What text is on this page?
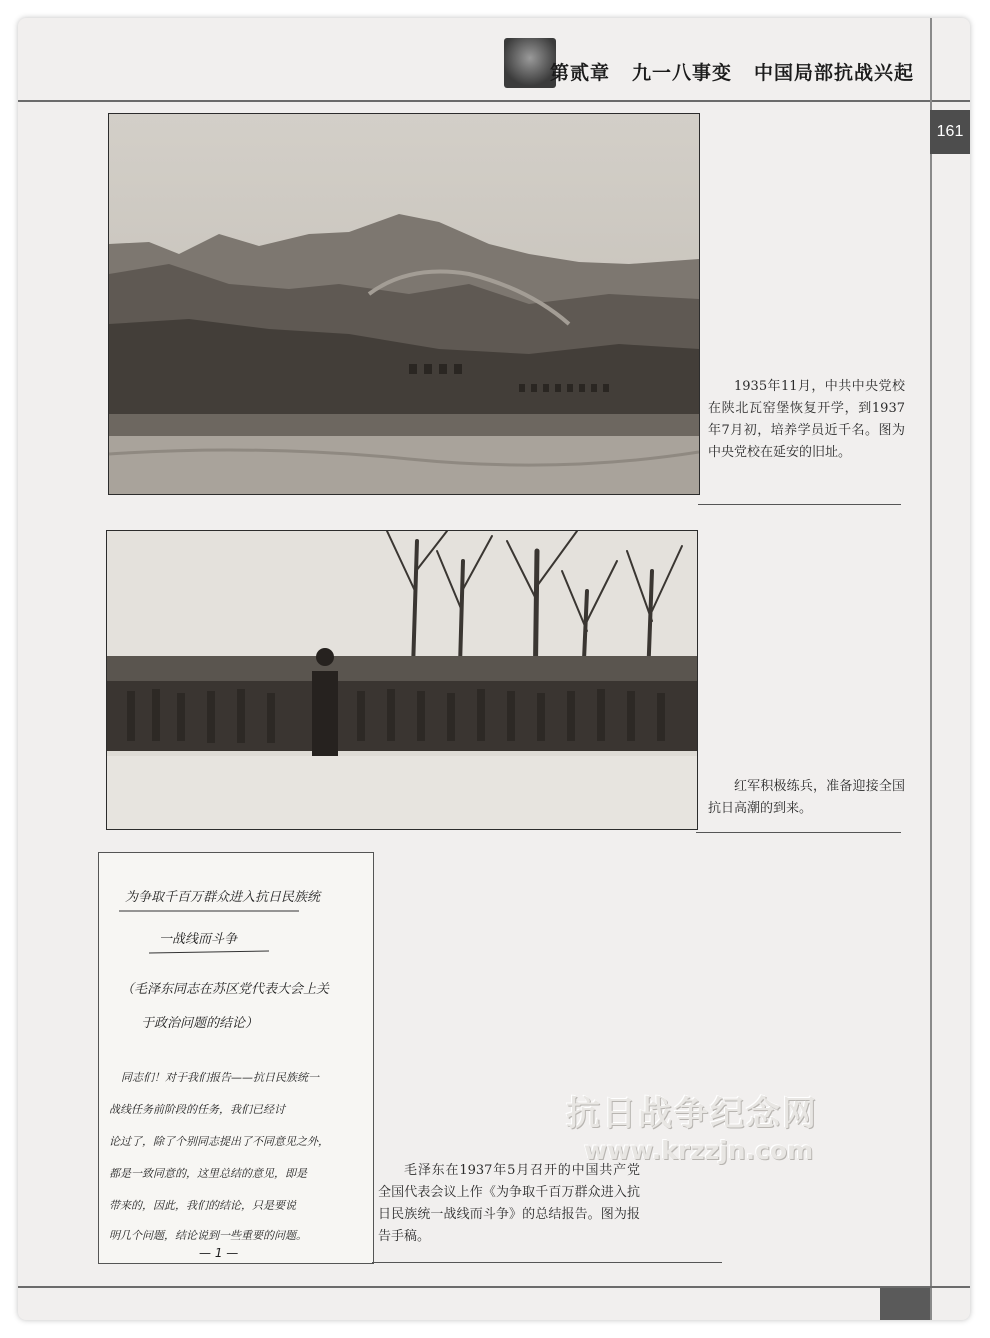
第贰章 九一八事变 中国局部抗战兴起
161
1935年11月，中共中央党校在陕北瓦窑堡恢复开学，到1937年7月初，培养学员近千名。图为中央党校在延安的旧址。
红军积极练兵，准备迎接全国抗日高潮的到来。
为争取千百万群众进入抗日民族统
一战线而斗争
（毛泽东同志在苏区党代表大会上关
于政治问题的结论）
同志们！对于我们报告——抗日民族统一
战线任务前阶段的任务，我们已经讨
论过了，除了个别同志提出了不同意见之外，
都是一致同意的，这里总结的意见，即是
带来的，因此，我们的结论，只是要说
明几个问题，结论说到一些重要的问题。
— 1 —
毛泽东在1937年5月召开的中国共产党全国代表会议上作《为争取千百万群众进入抗日民族统一战线而斗争》的总结报告。图为报告手稿。
抗日战争纪念网
www.krzzjn.com
